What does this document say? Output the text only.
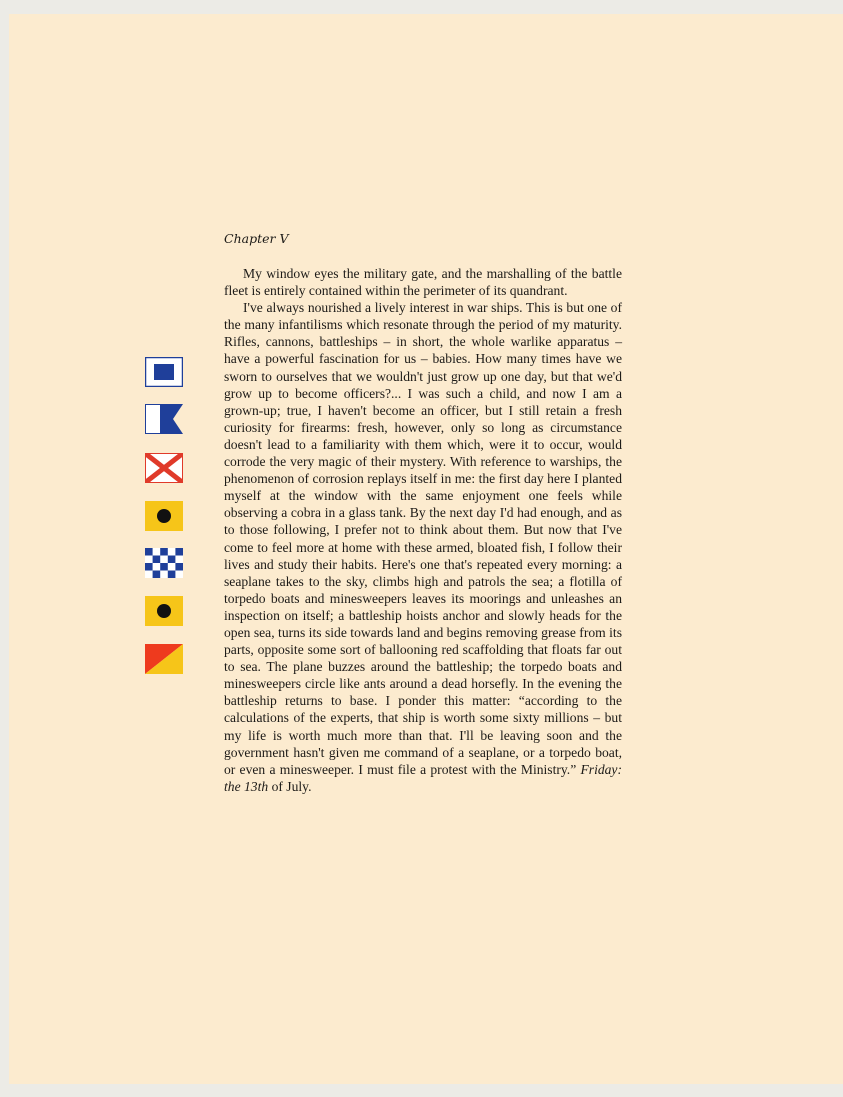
Chapter V

My window eyes the military gate, and the marshalling of the battle fleet is entirely contained within the perimeter of its quandrant.

I've always nourished a lively interest in war ships. This is but one of the many infantilisms which resonate through the period of my maturity. Rifles, cannons, battleships – in short, the whole warlike apparatus – have a powerful fascination for us – babies. How many times have we sworn to ourselves that we wouldn't just grow up one day, but that we'd grow up to become officers?... I was such a child, and now I am a grown-up; true, I haven't become an officer, but I still retain a fresh curiosity for firearms: fresh, however, only so long as circumstance doesn't lead to a familiarity with them which, were it to occur, would corrode the very magic of their mystery. With reference to warships, the phenomenon of corrosion replays itself in me: the first day here I planted myself at the window with the same enjoyment one feels while observing a cobra in a glass tank. By the next day I'd had enough, and as to those following, I prefer not to think about them. But now that I've come to feel more at home with these armed, bloated fish, I follow their lives and study their habits. Here's one that's repeated every morning: a seaplane takes to the sky, climbs high and patrols the sea; a flotilla of torpedo boats and minesweepers leaves its moorings and unleashes an inspection on itself; a battleship hoists anchor and slowly heads for the open sea, turns its side towards land and begins removing grease from its parts, opposite some sort of ballooning red scaffolding that floats far out to sea. The plane buzzes around the battleship; the torpedo boats and minesweepers circle like ants around a dead horsefly. In the evening the battleship returns to base. I ponder this matter: “according to the calculations of the experts, that ship is worth some sixty millions – but my life is worth much more than that. I'll be leaving soon and the government hasn't given me command of a seaplane, or a torpedo boat, or even a minesweeper. I must file a protest with the Ministry.” Friday: the 13th of July.
